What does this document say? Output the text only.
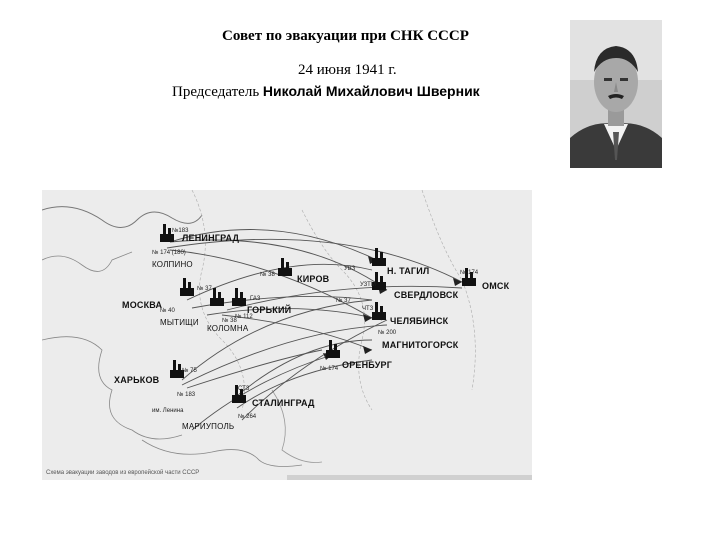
Совет по эвакуации при СНК СССР
24 июня 1941 г.
Председатель Николай Михайлович Шверник
ЛЕНИНГРАД
КОЛПИНО
МОСКВА
МЫТИЩИ
КОЛОМНА
ГОРЬКИЙ
КИРОВ
Н. ТАГИЛ
СВЕРДЛОВСК
ОМСК
ЧЕЛЯБИНСК
МАГНИТОГОРСК
ОРЕНБУРГ
ХАРЬКОВ
СТАЛИНГРАД
МАРИУПОЛЬ
№183
№ 174 (180)
№ 37
№ 40
№ 38
№ 112
ГАЗ
№ 38
УВЗ
УЗТМ
№ 37
№ 174
ЧТЗ
№ 200
№ 174
№ 75
№ 183
СТЗ
№ 264
им. Ленина
Схема эвакуации заводов из европейской части СССР
